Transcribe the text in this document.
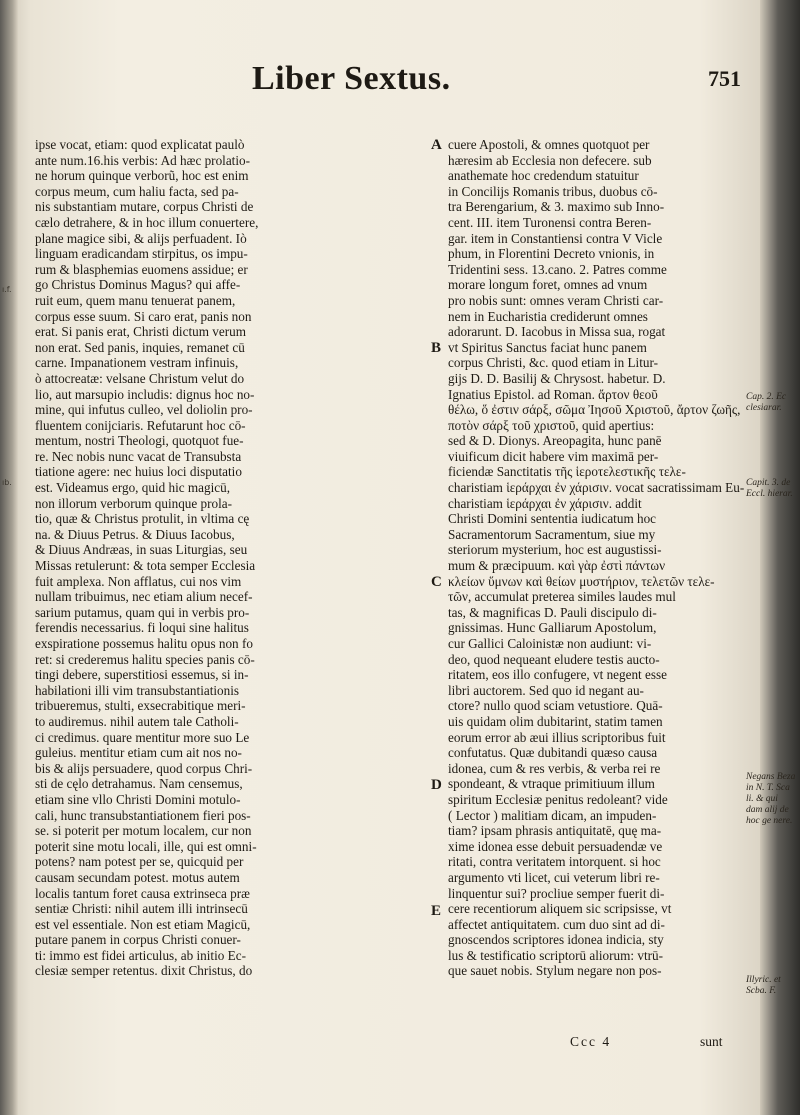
Liber Sextus.	751
ı.f.
ıb.
ipse vocat, etiam: quod explicatat paulò
ante num.16.his verbis: Ad hæc prolatio-
ne horum quinque verborũ, hoc est enim
corpus meum, cum haliu facta, sed pa-
nis substantiam mutare, corpus Christi de
cælo detrahere, & in hoc illum conuertere,
plane magice sibi, & alijs perfuadent. Iò
linguam eradicandam stirpitus, os impu-
rum & blasphemias euomens assidue; er
go Christus Dominus Magus? qui affe-
ruit eum, quem manu tenuerat panem,
corpus esse suum. Si caro erat, panis non
erat. Si panis erat, Christi dictum verum
non erat. Sed panis, inquies, remanet cū
carne. Impanationem vestram infinuis,
ò attocreatæ: velsane Christum velut do
lio, aut marsupio includis: dignus hoc no-
mine, qui infutus culleo, vel doliolin pro-
fluentem conijciaris. Refutarunt hoc cō-
mentum, nostri Theologi, quotquot fue-
re. Nec nobis nunc vacat de Transubsta
tiatione agere: nec huius loci disputatio
est. Videamus ergo, quid hic magicū,
non illorum verborum quinque prola-
tio, quæ & Christus protulit, in vltima cę
na. & Diuus Petrus. & Diuus Iacobus,
& Diuus Andræas, in suas Liturgias, seu
Missas retulerunt: & tota semper Ecclesia
fuit amplexa. Non afflatus, cui nos vim
nullam tribuimus, nec etiam alium necef-
sarium putamus, quam qui in verbis pro-
ferendis necessarius. fi loqui sine halitus
exspiratione possemus halitu opus non fo
ret: si crederemus halitu species panis cō-
tingi debere, superstitiosi essemus, si in-
habilationi illi vim transubstantiationis
tribueremus, stulti, exsecrabitique meri-
to audiremus. nihil autem tale Catholi-
ci credimus. quare mentitur more suo Le
guleius. mentitur etiam cum ait nos no-
bis & alijs persuadere, quod corpus Chri-
sti de cęlo detrahamus. Nam censemus,
etiam sine vllo Christi Domini motulo-
cali, hunc transubstantiationem fieri pos-
se. si poterit per motum localem, cur non
poterit sine motu locali, ille, qui est omni-
potens? nam potest per se, quicquid per
causam secundam potest. motus autem
localis tantum foret causa extrinseca præ
sentiæ Christi: nihil autem illi intrinsecū
est vel essentiale. Non est etiam Magicū,
putare panem in corpus Christi conuer-
ti: immo est fidei articulus, ab initio Ec-
clesiæ semper retentus. dixit Christus, do
A
B
C
D
E
cuere Apostoli, & omnes quotquot per
hæresim ab Ecclesia non defecere. sub
anathemate hoc credendum statuitur
in Concilijs Romanis tribus, duobus cō-
tra Berengarium, & 3. maximo sub Inno-
cent. III. item Turonensi contra Beren-
gar. item in Constantiensi contra V Vicle
phum, in Florentini Decreto vnionis, in
Tridentini sess. 13.cano. 2. Patres comme
morare longum foret, omnes ad vnum
pro nobis sunt: omnes veram Christi car-
nem in Eucharistia crediderunt omnes
adorarunt. D. Iacobus in Missa sua, rogat
vt Spiritus Sanctus faciat hunc panem
corpus Christi, &c. quod etiam in Litur-
gijs D. D. Basilij & Chrysost. habetur. D.
Ignatius Epistol. ad Roman. ἄρτον θεοῦ
θέλω, ὅ ἐστιν σάρξ, σῶμα Ἰησοῦ Χριστοῦ, ἄρτον ζωῆς,
ποτὸν σάρξ τοῦ χριστοῦ, quid apertius:
sed & D. Dionys. Areopagita, hunc panē
viuificum dicit habere vim maximā per-
ficiendæ Sanctitatis τῆς ἱεροτελεστικῆς τελε-
charistiam ἱεράρχαι ἐν χάρισιν. vocat sacratissimam Eu-
charistiam ἱεράρχαι ἐν χάρισιν. addit
Christi Domini sententia iudicatum hoc
Sacramentorum Sacramentum, siue my
steriorum mysterium, hoc est augustissi-
mum & præcipuum. καὶ γὰρ ἐστὶ πάντων
κλείων ὕμνων καὶ θείων μυστήριον, τελετῶν τελε-
τῶν, accumulat preterea similes laudes mul
tas, & magnificas D. Pauli discipulo di-
gnissimas. Hunc Galliarum Apostolum,
cur Gallici Caloinistæ non audiunt: vi-
deo, quod nequeant eludere testis aucto-
ritatem, eos illo confugere, vt negent esse
libri auctorem. Sed quo id negant au-
ctore? nullo quod sciam vetustiore. Quā-
uis quidam olim dubitarint, statim tamen
eorum error ab æui illius scriptoribus fuit
confutatus. Quæ dubitandi quæso causa
idonea, cum & res verbis, & verba rei re
spondeant, & vtraque primitiuum illum
spiritum Ecclesiæ penitus redoleant? vide
( Lector ) malitiam dicam, an impuden-
tiam? ipsam phrasis antiquitatē, quę ma-
xime idonea esse debuit persuadendæ ve
ritati, contra veritatem intorquent. si hoc
argumento vti licet, cui veterum libri re-
linquentur sui? procliue semper fuerit di-
cere recentiorum aliquem sic scripsisse, vt
affectet antiquitatem. cum duo sint ad di-
gnoscendos scriptores idonea indicia, sty
lus & testificatio scriptorū aliorum: vtrū-
que sauet nobis. Stylum negare non pos-
Cap. 2. Ec clesiarar.
Capit. 3. de Eccl. hierar.
Negans Beza in N. T. Sca li. & qui dam alij de hoc ge nere.
Illyric. et Scba. F.
Ccc 4	sunt
